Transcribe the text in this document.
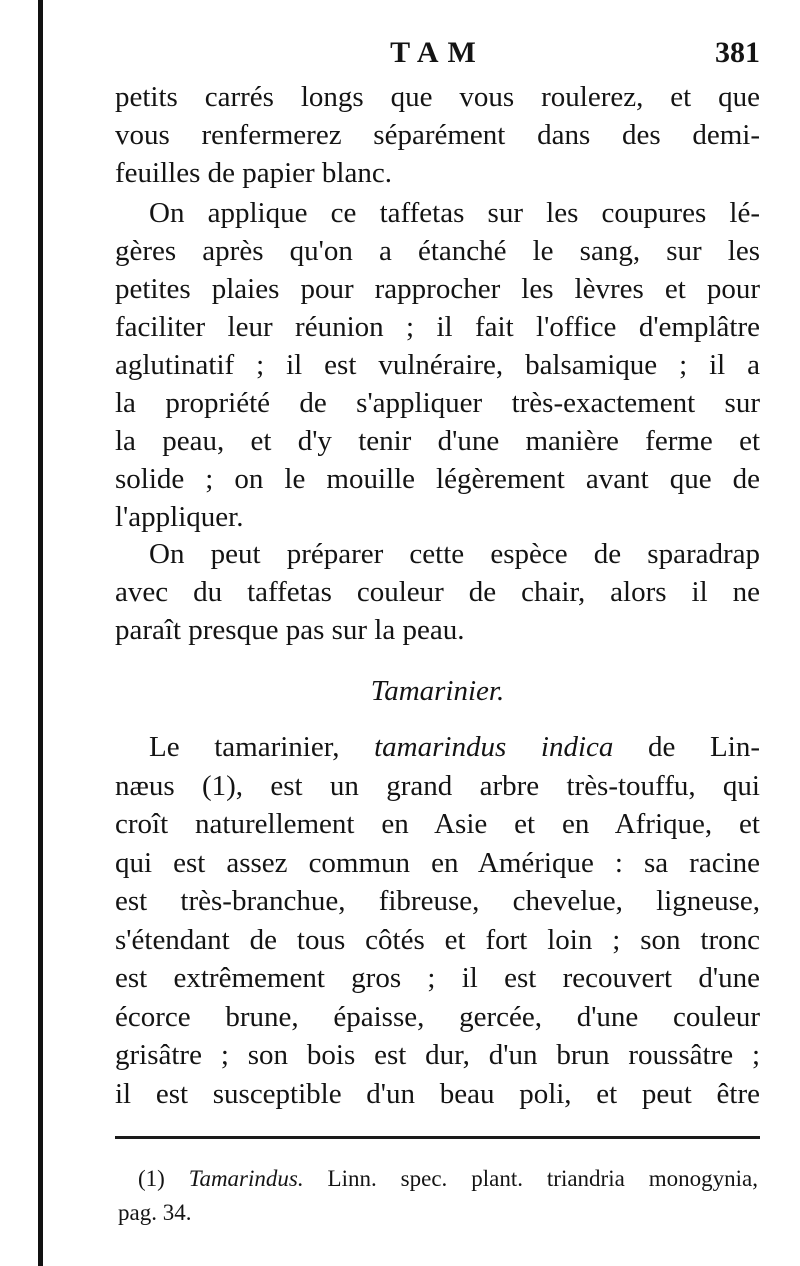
TAM	381
petits carrés longs que vous roulerez, et que
vous renfermerez séparément dans des demi-
feuilles de papier blanc.
On applique ce taffetas sur les coupures lé-
gères après qu'on a étanché le sang, sur les
petites plaies pour rapprocher les lèvres et pour
faciliter leur réunion ; il fait l'office d'emplâtre
aglutinatif ; il est vulnéraire, balsamique ; il a
la propriété de s'appliquer très-exactement sur
la peau, et d'y tenir d'une manière ferme et
solide ; on le mouille légèrement avant que de
l'appliquer.
On peut préparer cette espèce de sparadrap
avec du taffetas couleur de chair, alors il ne
paraît presque pas sur la peau.
Tamarinier.
Le tamarinier, tamarindus indica de Lin-
næus (1), est un grand arbre très-touffu, qui
croît naturellement en Asie et en Afrique, et
qui est assez commun en Amérique : sa racine
est très-branchue, fibreuse, chevelue, ligneuse,
s'étendant de tous côtés et fort loin ; son tronc
est extrêmement gros ; il est recouvert d'une
écorce brune, épaisse, gercée, d'une couleur
grisâtre ; son bois est dur, d'un brun roussâtre ;
il est susceptible d'un beau poli, et peut être
(1) Tamarindus. Linn. spec. plant. triandria monogynia,
pag. 34.
